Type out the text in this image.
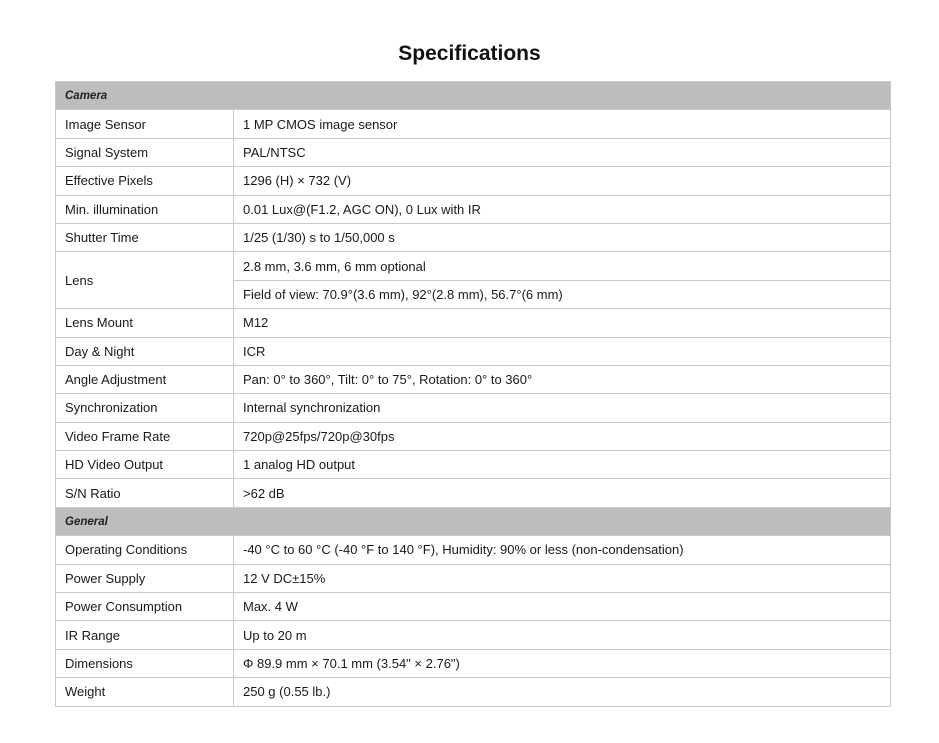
Specifications
Camera	
Image Sensor	1 MP CMOS image sensor
Signal System	PAL/NTSC
Effective Pixels	1296 (H) × 732 (V)
Min. illumination	0.01 Lux@(F1.2, AGC ON), 0 Lux with IR
Shutter Time	1/25 (1/30) s to 1/50,000 s
Lens	2.8 mm, 3.6 mm, 6 mm optional
	Field of view: 70.9°(3.6 mm), 92°(2.8 mm), 56.7°(6 mm)
Lens Mount	M12
Day & Night	ICR
Angle Adjustment	Pan: 0° to 360°, Tilt: 0° to 75°, Rotation: 0° to 360°
Synchronization	Internal synchronization
Video Frame Rate	720p@25fps/720p@30fps
HD Video Output	1 analog HD output
S/N Ratio	>62 dB
General	
Operating Conditions	-40 °C to 60 °C (-40 °F to 140 °F), Humidity: 90% or less (non-condensation)
Power Supply	12 V DC±15%
Power Consumption	Max. 4 W
IR Range	Up to 20 m
Dimensions	Φ 89.9 mm × 70.1 mm (3.54" × 2.76")
Weight	250 g (0.55 lb.)
